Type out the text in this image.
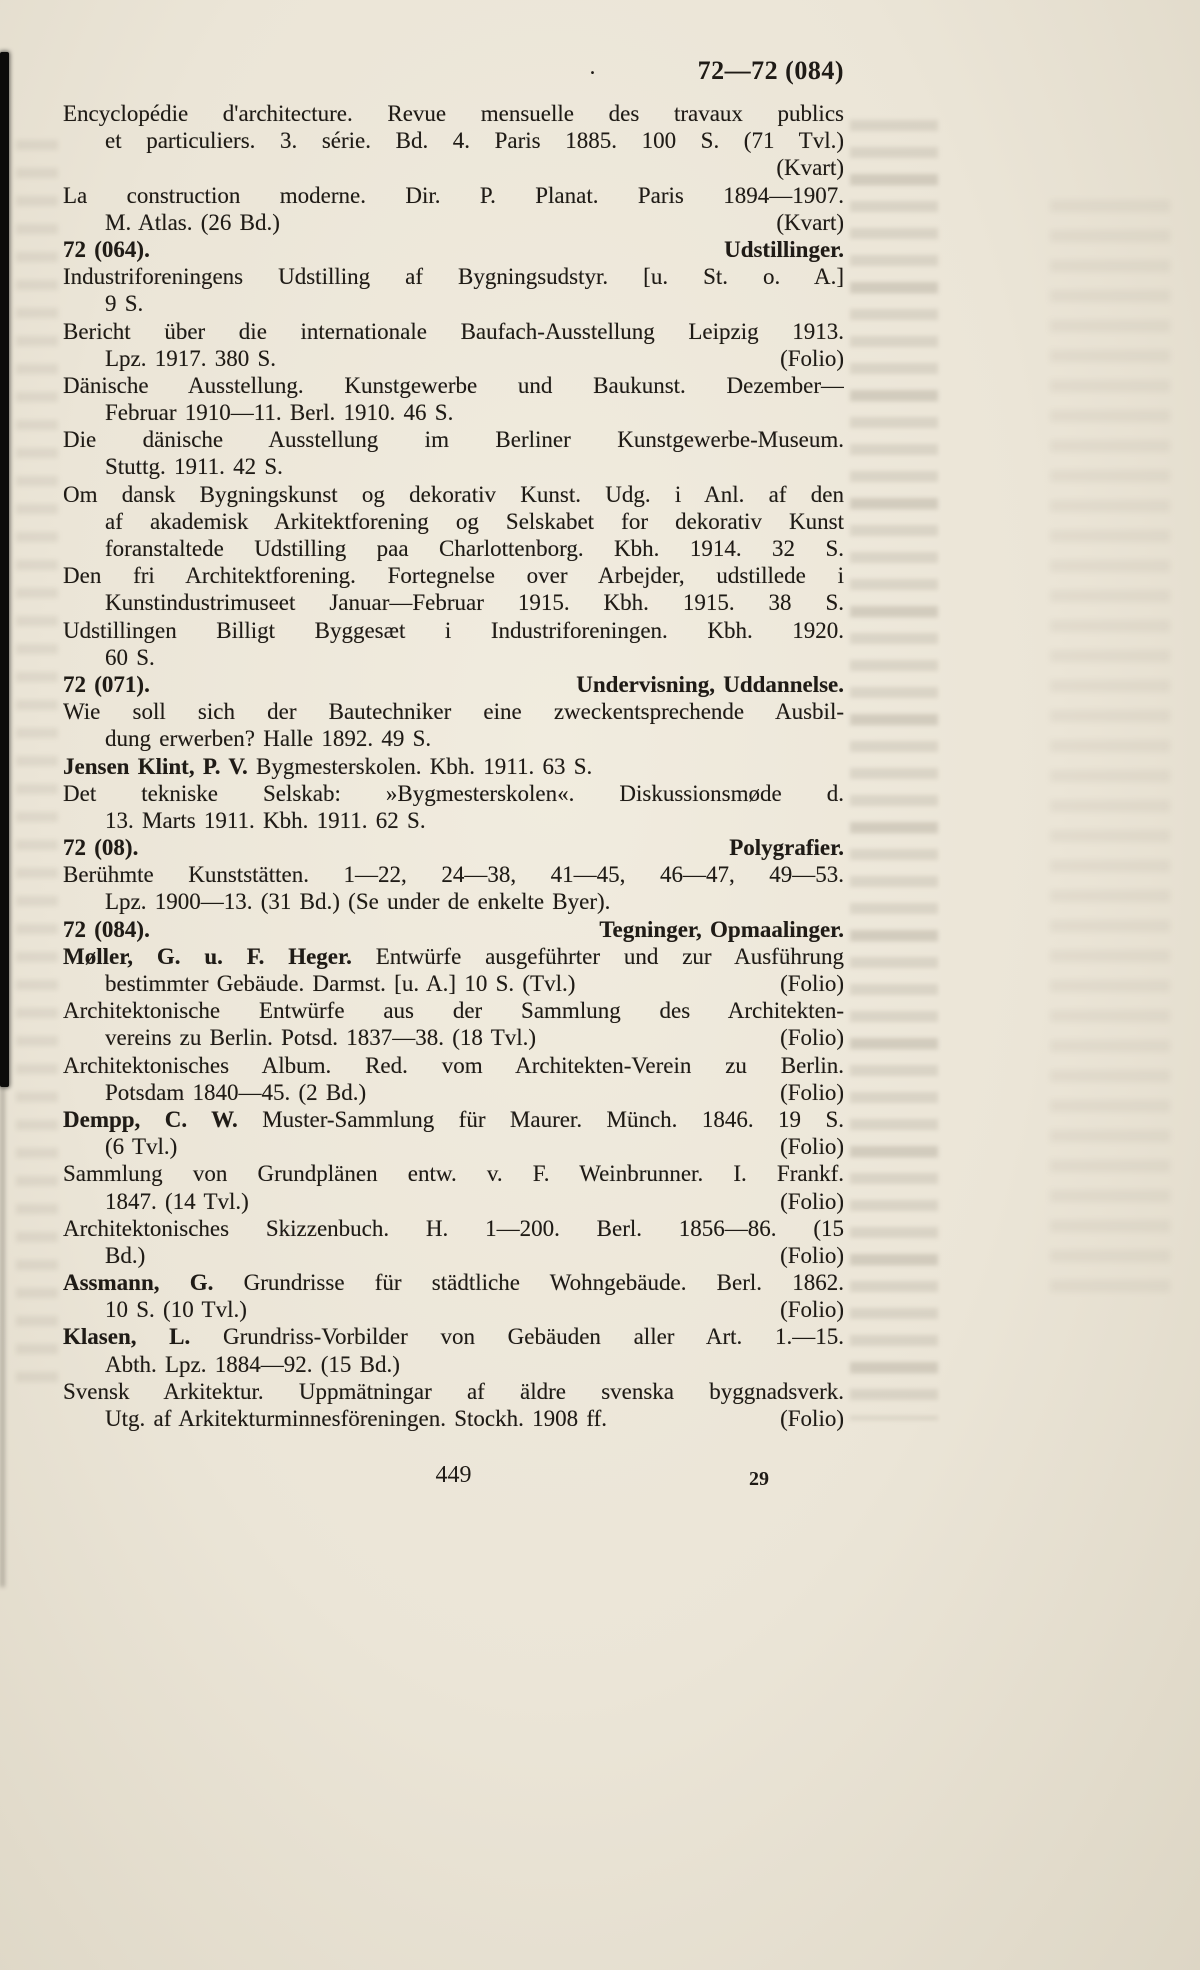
.	72—72 (084)
Encyclopédie d'architecture. Revue mensuelle des travaux publics
et particuliers. 3. série. Bd. 4. Paris 1885. 100 S. (71 Tvl.)
(Kvart)
La construction moderne. Dir. P. Planat. Paris 1894—1907.
M. Atlas. (26 Bd.)	(Kvart)
72 (064).	Udstillinger.
Industriforeningens Udstilling af Bygningsudstyr. [u. St. o. A.]
9 S.
Bericht über die internationale Baufach-Ausstellung Leipzig 1913.
Lpz. 1917. 380 S.	(Folio)
Dänische Ausstellung. Kunstgewerbe und Baukunst. Dezember—
Februar 1910—11. Berl. 1910. 46 S.
Die dänische Ausstellung im Berliner Kunstgewerbe-Museum.
Stuttg. 1911. 42 S.
Om dansk Bygningskunst og dekorativ Kunst. Udg. i Anl. af den
af akademisk Arkitektforening og Selskabet for dekorativ Kunst
foranstaltede Udstilling paa Charlottenborg. Kbh. 1914. 32 S.
Den fri Architektforening. Fortegnelse over Arbejder, udstillede i
Kunstindustrimuseet Januar—Februar 1915. Kbh. 1915. 38 S.
Udstillingen Billigt Byggesæt i Industriforeningen. Kbh. 1920.
60 S.
72 (071).	Undervisning, Uddannelse.
Wie soll sich der Bautechniker eine zweckentsprechende Ausbil-
dung erwerben? Halle 1892. 49 S.
Jensen Klint, P. V. Bygmesterskolen. Kbh. 1911. 63 S.
Det tekniske Selskab: »Bygmesterskolen«. Diskussionsmøde d.
13. Marts 1911. Kbh. 1911. 62 S.
72 (08).	Polygrafier.
Berühmte Kunststätten. 1—22, 24—38, 41—45, 46—47, 49—53.
Lpz. 1900—13. (31 Bd.) (Se under de enkelte Byer).
72 (084).	Tegninger, Opmaalinger.
Møller, G. u. F. Heger. Entwürfe ausgeführter und zur Ausführung
bestimmter Gebäude. Darmst. [u. A.] 10 S. (Tvl.)	(Folio)
Architektonische Entwürfe aus der Sammlung des Architekten-
vereins zu Berlin. Potsd. 1837—38. (18 Tvl.)	(Folio)
Architektonisches Album. Red. vom Architekten-Verein zu Berlin.
Potsdam 1840—45. (2 Bd.)	(Folio)
Dempp, C. W. Muster-Sammlung für Maurer. Münch. 1846. 19 S.
(6 Tvl.)	(Folio)
Sammlung von Grundplänen entw. v. F. Weinbrunner. I. Frankf.
1847. (14 Tvl.)	(Folio)
Architektonisches Skizzenbuch. H. 1—200. Berl. 1856—86. (15
Bd.)	(Folio)
Assmann, G. Grundrisse für städtliche Wohngebäude. Berl. 1862.
10 S. (10 Tvl.)	(Folio)
Klasen, L. Grundriss-Vorbilder von Gebäuden aller Art. 1.—15.
Abth. Lpz. 1884—92. (15 Bd.)
Svensk Arkitektur. Uppmätningar af äldre svenska byggnadsverk.
Utg. af Arkitekturminnesföreningen. Stockh. 1908 ff.	(Folio)
449	29
